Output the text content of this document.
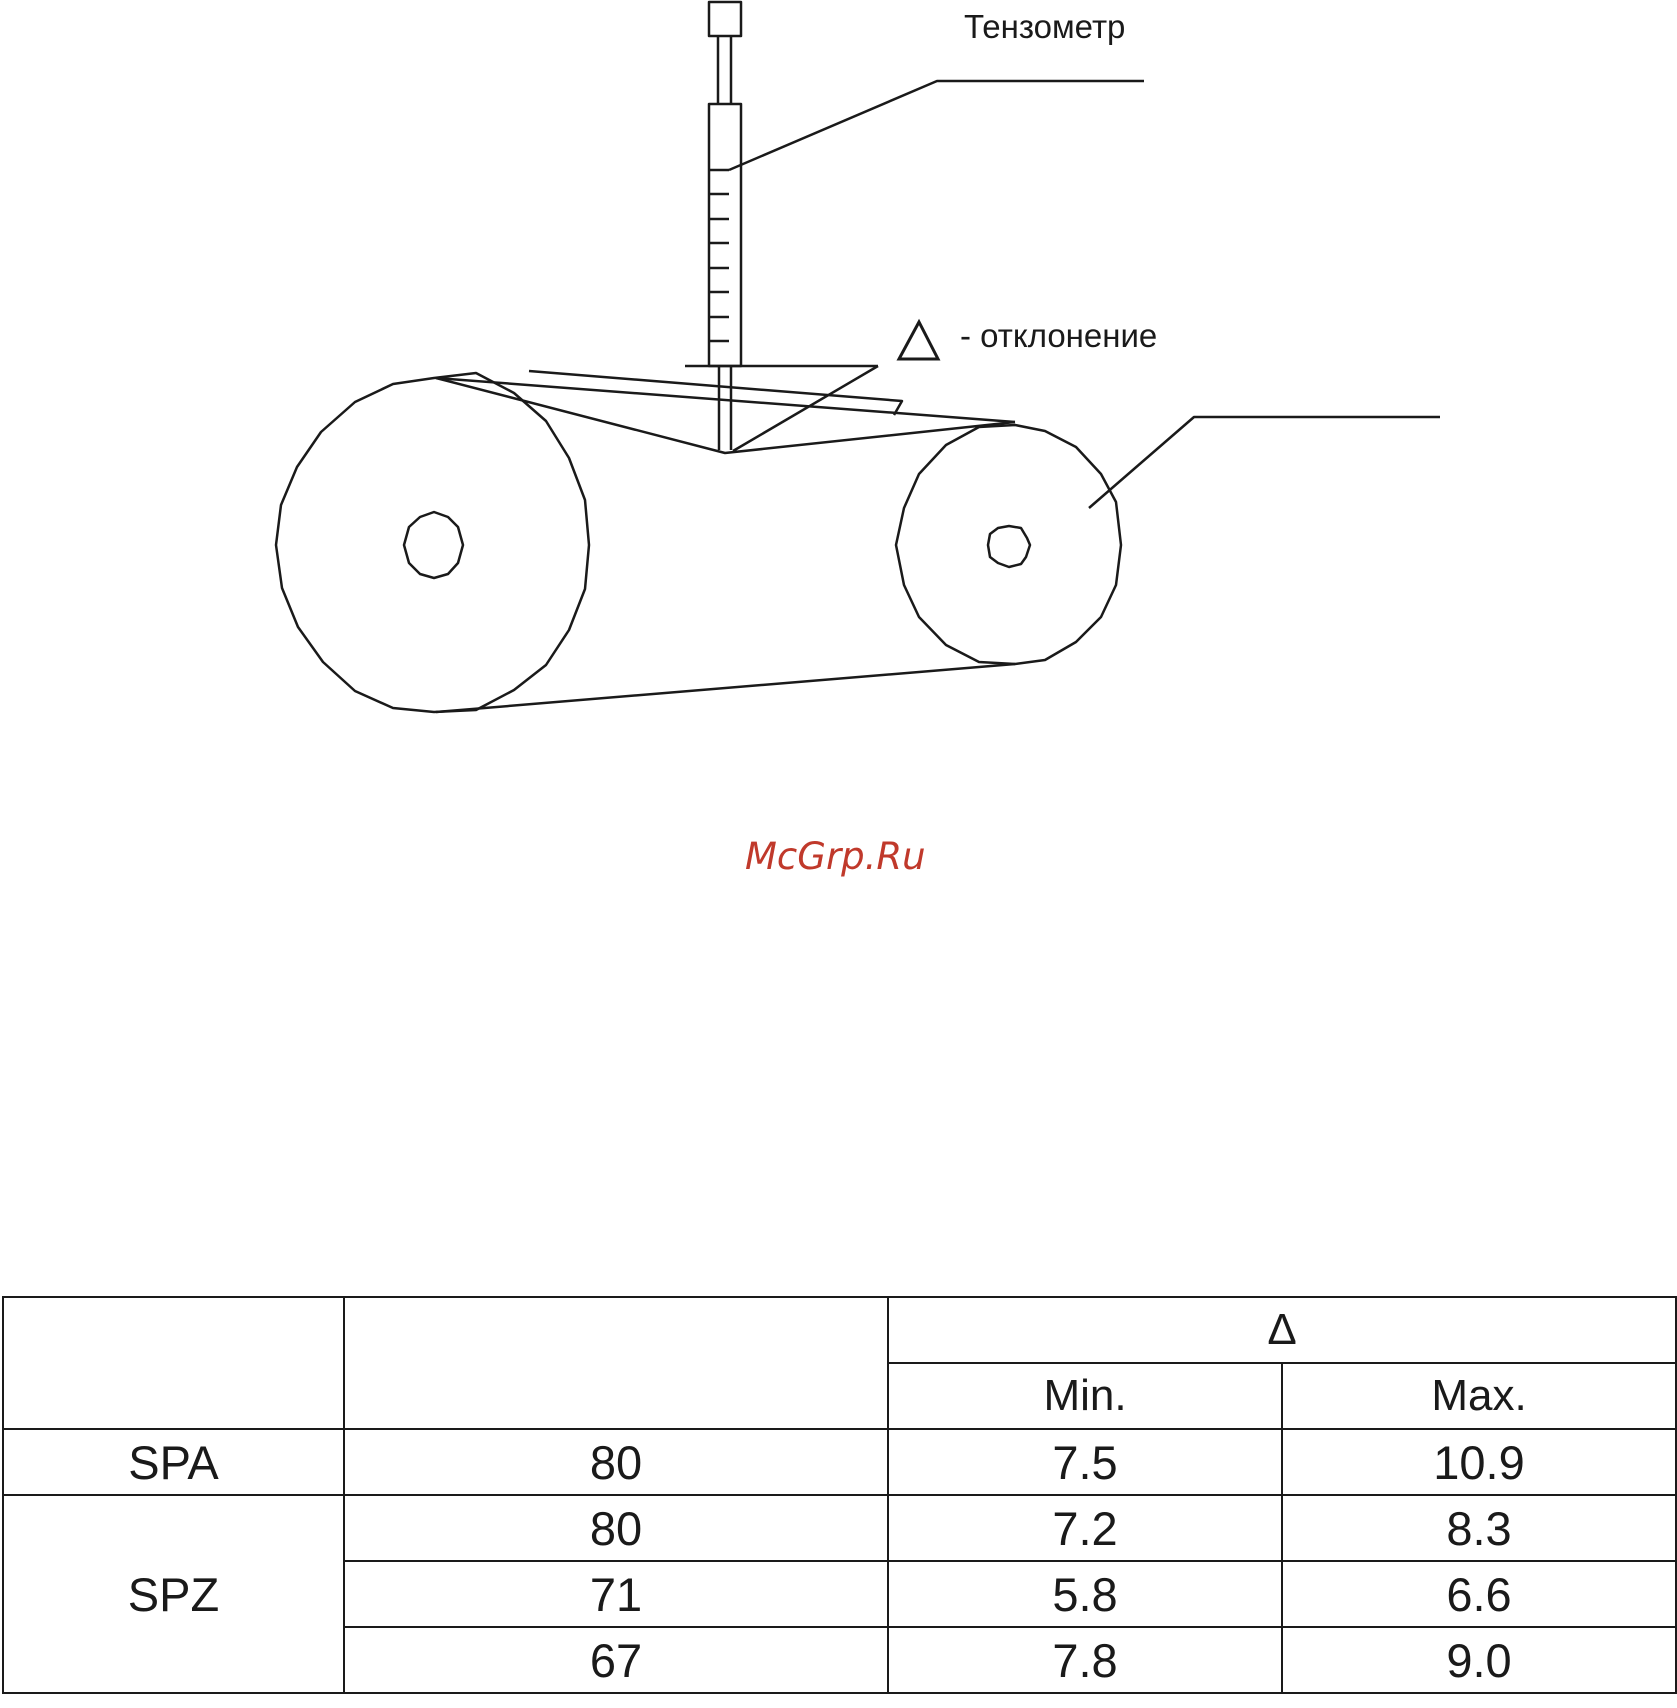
Тензометр
- отклонение
McGrp.Ru
		Δ	
		Min.	Max.
SPA	80	7.5	10.9
SPZ	80	7.2	8.3
	71	5.8	6.6
	67	7.8	9.0
